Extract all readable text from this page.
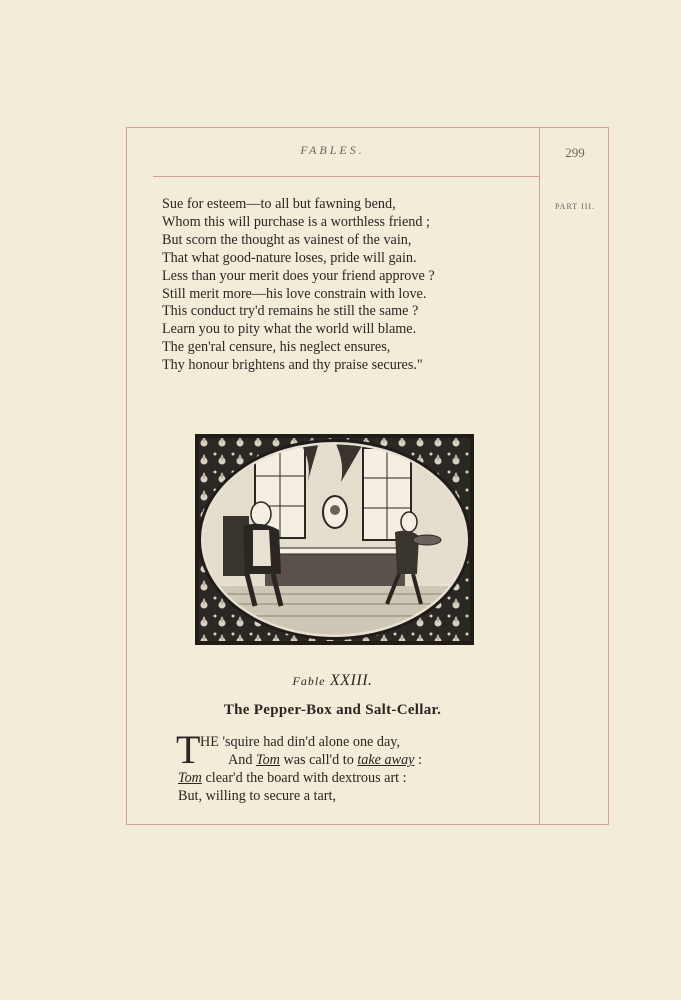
FABLES.	299
PART III.
Sue for esteem—to all but fawning bend,
Whom this will purchase is a worthless friend ;
But scorn the thought as vainest of the vain,
That what good-nature loses, pride will gain.
Less than your merit does your friend approve ?
Still merit more—his love constrain with love.
This conduct try'd remains he still the same ?
Learn you to pity what the world will blame.
The gen'ral censure, his neglect ensures,
Thy honour brightens and thy praise secures."
Fable XXIII.
The Pepper-Box and Salt-Cellar.
T HE 'squire had din'd alone one day,
And Tom was call'd to take away :
Tom clear'd the board with dextrous art :
But, willing to secure a tart,
